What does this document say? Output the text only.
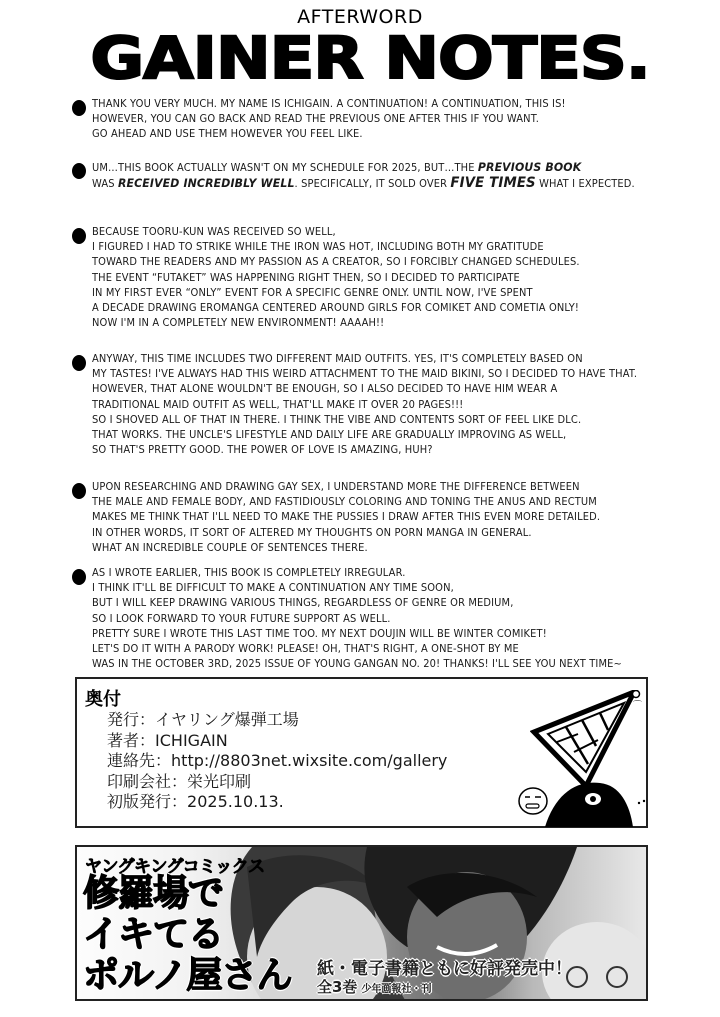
AFTERWORD
GAINER NOTES.
THANK YOU VERY MUCH. MY NAME IS ICHIGAIN. A CONTINUATION! A CONTINUATION, THIS IS!
HOWEVER, YOU CAN GO BACK AND READ THE PREVIOUS ONE AFTER THIS IF YOU WANT.
GO AHEAD AND USE THEM HOWEVER YOU FEEL LIKE.
UM…THIS BOOK ACTUALLY WASN'T ON MY SCHEDULE FOR 2025, BUT…THE PREVIOUS BOOK
WAS RECEIVED INCREDIBLY WELL. SPECIFICALLY, IT SOLD OVER FIVE TIMES WHAT I EXPECTED.
BECAUSE TOORU-KUN WAS RECEIVED SO WELL,
I FIGURED I HAD TO STRIKE WHILE THE IRON WAS HOT, INCLUDING BOTH MY GRATITUDE
TOWARD THE READERS AND MY PASSION AS A CREATOR, SO I FORCIBLY CHANGED SCHEDULES.
THE EVENT “FUTAKET” WAS HAPPENING RIGHT THEN, SO I DECIDED TO PARTICIPATE
IN MY FIRST EVER “ONLY” EVENT FOR A SPECIFIC GENRE ONLY. UNTIL NOW, I'VE SPENT
A DECADE DRAWING EROMANGA CENTERED AROUND GIRLS FOR COMIKET AND COMETIA ONLY!
NOW I'M IN A COMPLETELY NEW ENVIRONMENT! AAAAH!!
ANYWAY, THIS TIME INCLUDES TWO DIFFERENT MAID OUTFITS. YES, IT'S COMPLETELY BASED ON
MY TASTES! I'VE ALWAYS HAD THIS WEIRD ATTACHMENT TO THE MAID BIKINI, SO I DECIDED TO HAVE THAT.
HOWEVER, THAT ALONE WOULDN'T BE ENOUGH, SO I ALSO DECIDED TO HAVE HIM WEAR A
TRADITIONAL MAID OUTFIT AS WELL, THAT'LL MAKE IT OVER 20 PAGES!!!
SO I SHOVED ALL OF THAT IN THERE. I THINK THE VIBE AND CONTENTS SORT OF FEEL LIKE DLC.
THAT WORKS. THE UNCLE'S LIFESTYLE AND DAILY LIFE ARE GRADUALLY IMPROVING AS WELL,
SO THAT'S PRETTY GOOD. THE POWER OF LOVE IS AMAZING, HUH?
UPON RESEARCHING AND DRAWING GAY SEX, I UNDERSTAND MORE THE DIFFERENCE BETWEEN
THE MALE AND FEMALE BODY, AND FASTIDIOUSLY COLORING AND TONING THE ANUS AND RECTUM
MAKES ME THINK THAT I'LL NEED TO MAKE THE PUSSIES I DRAW AFTER THIS EVEN MORE DETAILED.
IN OTHER WORDS, IT SORT OF ALTERED MY THOUGHTS ON PORN MANGA IN GENERAL.
WHAT AN INCREDIBLE COUPLE OF SENTENCES THERE.
AS I WROTE EARLIER, THIS BOOK IS COMPLETELY IRREGULAR.
I THINK IT'LL BE DIFFICULT TO MAKE A CONTINUATION ANY TIME SOON,
BUT I WILL KEEP DRAWING VARIOUS THINGS, REGARDLESS OF GENRE OR MEDIUM,
SO I LOOK FORWARD TO YOUR FUTURE SUPPORT AS WELL.
PRETTY SURE I WROTE THIS LAST TIME TOO. MY NEXT DOUJIN WILL BE WINTER COMIKET!
LET'S DO IT WITH A PARODY WORK! PLEASE! OH, THAT'S RIGHT, A ONE-SHOT BY ME
WAS IN THE OCTOBER 3RD, 2025 ISSUE OF YOUNG GANGAN NO. 20! THANKS! I'LL SEE YOU NEXT TIME~
奥付
発行：イヤリング爆弾工場
著者：ICHIGAIN
連絡先：http://8803net.wixsite.com/gallery
印刷会社：栄光印刷
初版発行：2025.10.13.
⌒
ヤングキングコミックス
修羅場で
イキてる
ポルノ屋さん 紙・電子書籍ともに好評発売中！
全3巻 少年画報社・刊
